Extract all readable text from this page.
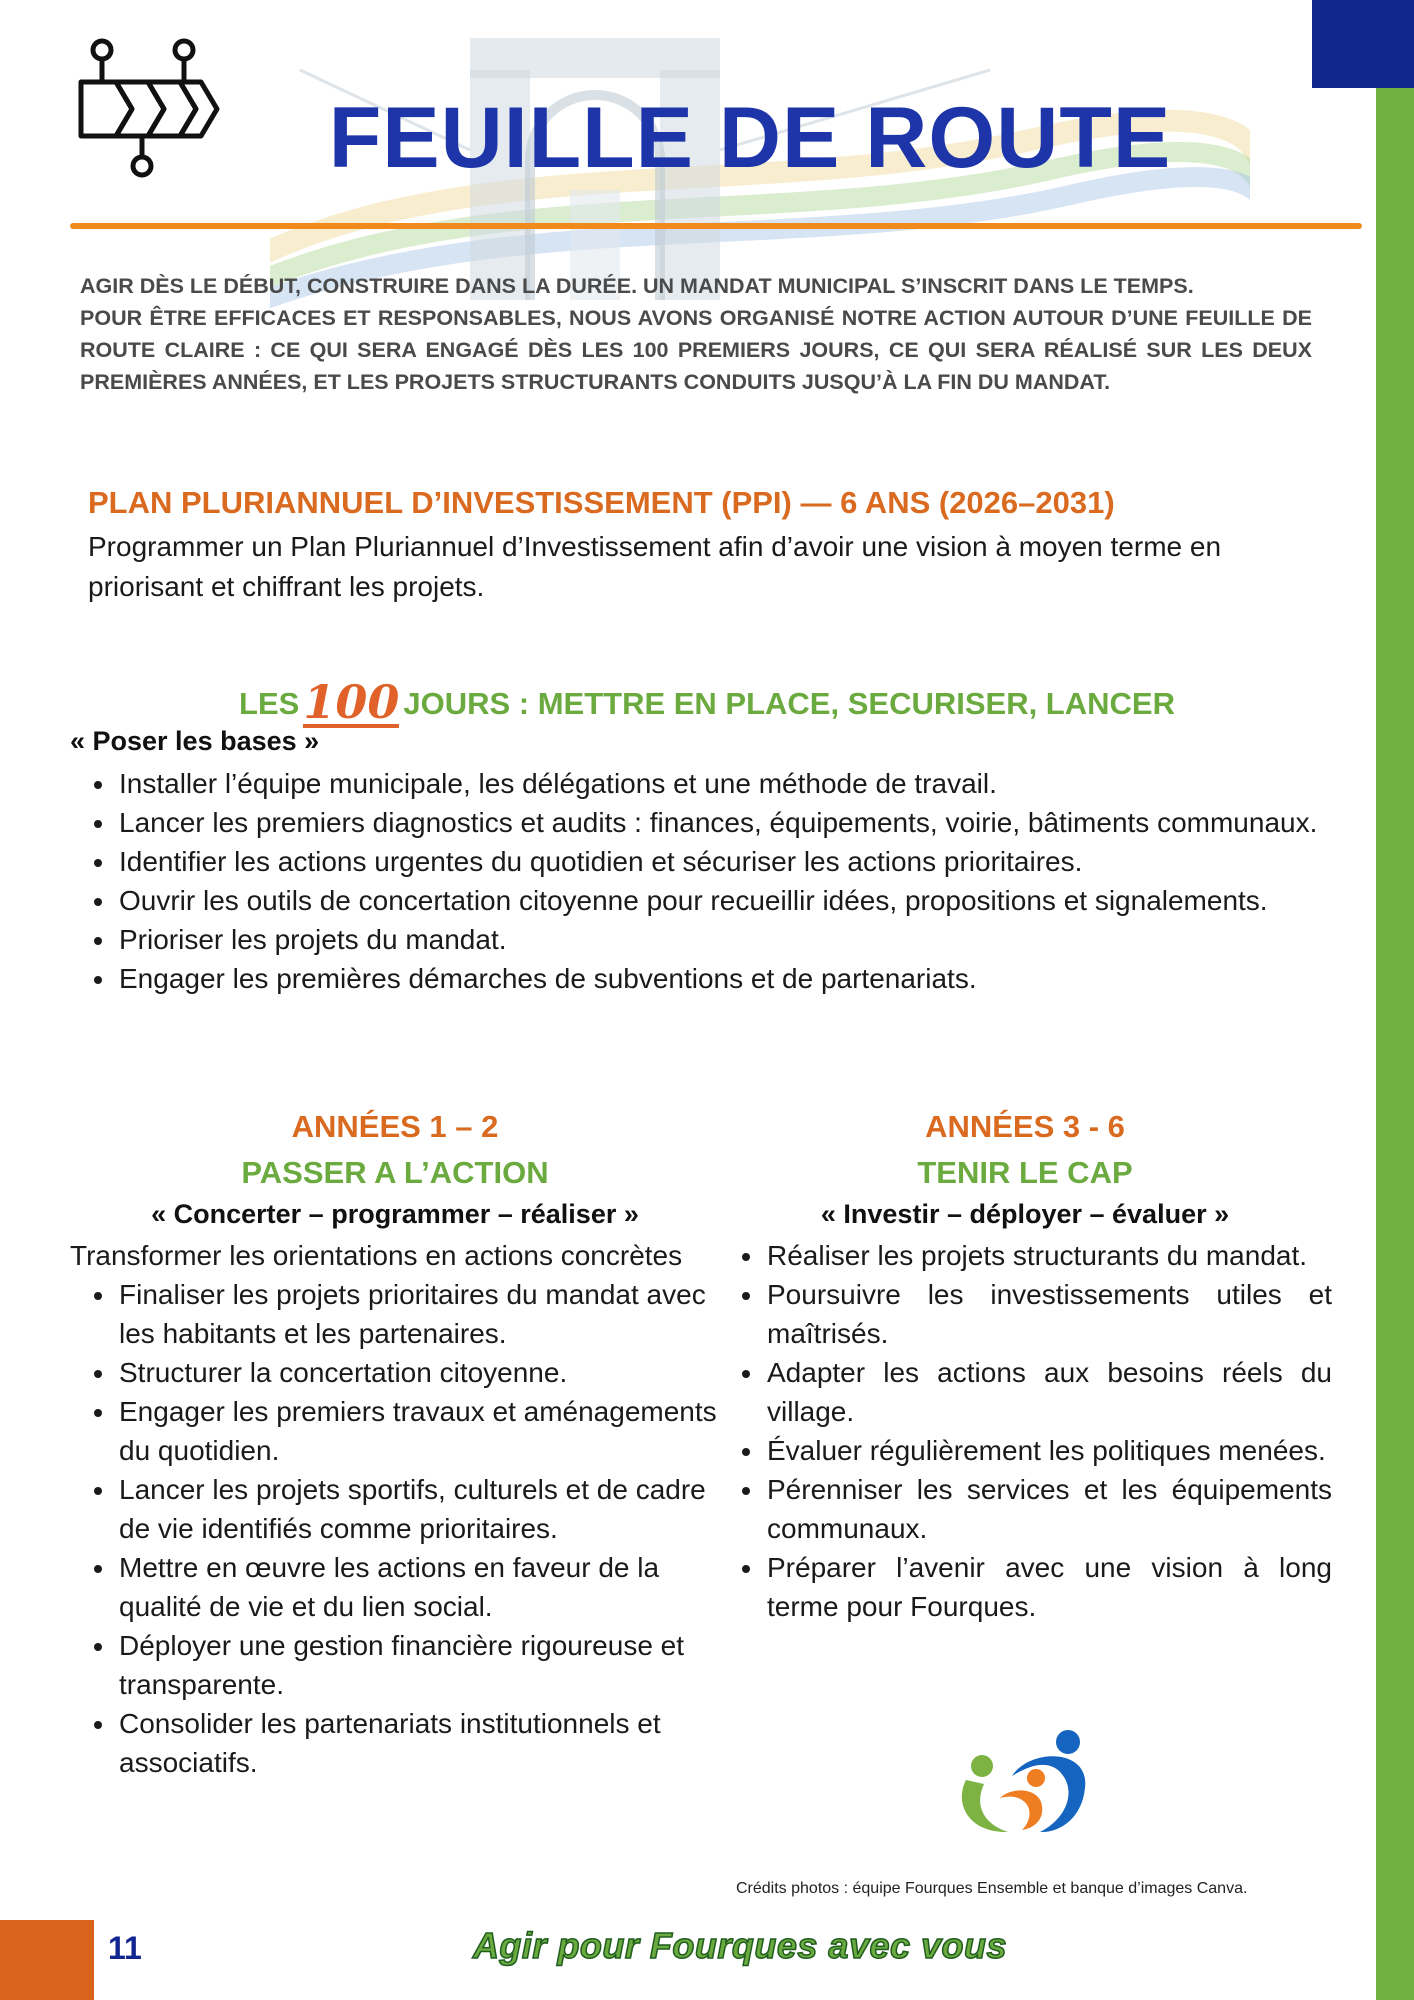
FEUILLE DE ROUTE

AGIR DÈS LE DÉBUT, CONSTRUIRE DANS LA DURÉE. UN MANDAT MUNICIPAL S’INSCRIT DANS LE TEMPS.

POUR ÊTRE EFFICACES ET RESPONSABLES, NOUS AVONS ORGANISÉ NOTRE ACTION AUTOUR D’UNE FEUILLE DE ROUTE CLAIRE : CE QUI SERA ENGAGÉ DÈS LES 100 PREMIERS JOURS, CE QUI SERA RÉALISÉ SUR LES DEUX PREMIÈRES ANNÉES, ET LES PROJETS STRUCTURANTS CONDUITS JUSQU’À LA FIN DU MANDAT.

PLAN PLURIANNUEL D’INVESTISSEMENT (PPI) — 6 ANS (2026–2031)
Programmer un Plan Pluriannuel d’Investissement afin d’avoir une vision à moyen terme en priorisant et chiffrant les projets.
LES100 JOURS : METTRE EN PLACE, SECURISER, LANCER
« Poser les bases »
Installer l’équipe municipale, les délégations et une méthode de travail.
Lancer les premiers diagnostics et audits : finances, équipements, voirie, bâtiments communaux.
Identifier les actions urgentes du quotidien et sécuriser les actions prioritaires.
Ouvrir les outils de concertation citoyenne pour recueillir idées, propositions et signalements.
Prioriser les projets du mandat.
Engager les premières démarches de subventions et de partenariats.
ANNÉES 1 – 2
PASSER A L’ACTION
« Concerter – programmer – réaliser »
Transformer les orientations en actions concrètes
Finaliser les projets prioritaires du mandat avec les habitants et les partenaires.
Structurer la concertation citoyenne.
Engager les premiers travaux et aménagements du quotidien.
Lancer les projets sportifs, culturels et de cadre de vie identifiés comme prioritaires.
Mettre en œuvre les actions en faveur de la qualité de vie et du lien social.
Déployer une gestion financière rigoureuse et transparente.
Consolider les partenariats institutionnels et associatifs.
ANNÉES 3 - 6
TENIR LE CAP
« Investir – déployer – évaluer »
Réaliser les projets structurants du mandat.
Poursuivre les investissements utiles et maîtrisés.
Adapter les actions aux besoins réels du village.
Évaluer régulièrement les politiques menées.
Pérenniser les services et les équipements communaux.
Préparer l’avenir avec une vision à long terme pour Fourques.
Crédits photos : équipe Fourques Ensemble et banque d’images Canva.
11	Agir pour Fourques avec vous
